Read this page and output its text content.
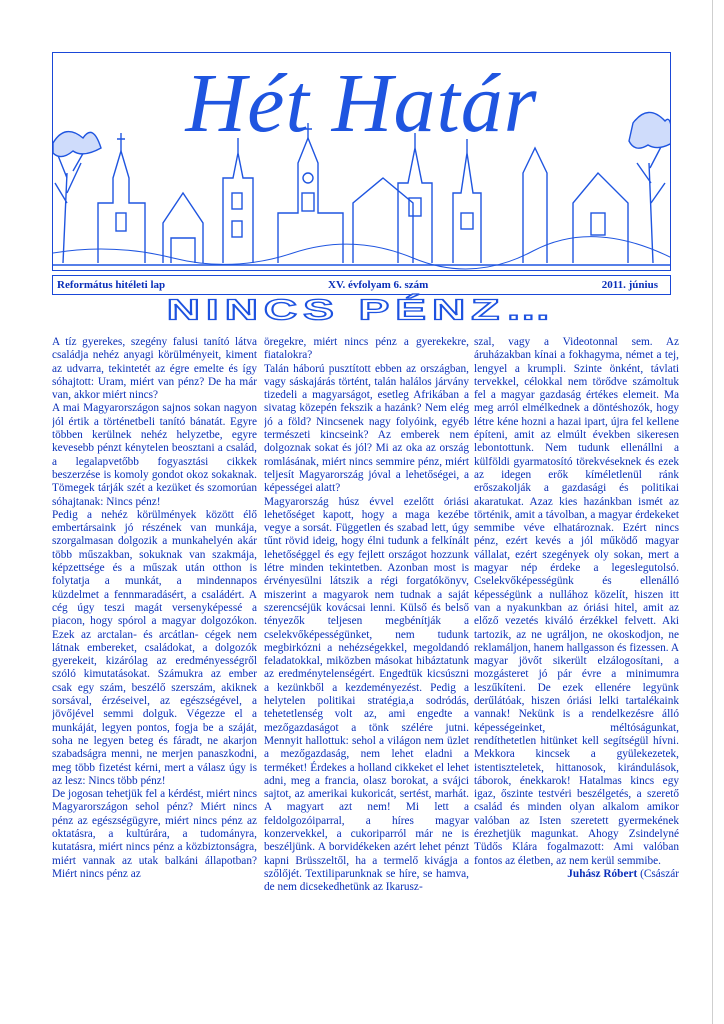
Hét Határ
Református hitéleti lap	XV. évfolyam 6. szám	2011. június
NINCS PÉNZ…

A tíz gyerekes, szegény falusi tanító látva családja nehéz anyagi körülményeit, kiment az udvarra, tekintetét az égre emelte és így sóhajtott: Uram, miért van pénz? De ha már van, akkor miért nincs?

A mai Magyarországon sajnos sokan nagyon jól értik a történetbeli tanító bánatát. Egyre többen kerülnek nehéz helyzetbe, egyre kevesebb pénzt kénytelen beosztani a család, a legalapvetőbb fogyasztási cikkek beszerzése is komoly gondot okoz sokaknak. Tömegek tárják szét a kezüket és szomorúan sóhajtanak: Nincs pénz!

Pedig a nehéz körülmények között élő embertársaink jó részének van munkája, szorgalmasan dolgozik a munkahelyén akár több műszakban, sokuknak van szakmája, képzettsége és a műszak után otthon is folytatja a munkát, a mindennapos küzdelmet a fennmaradásért, a családért. A cég úgy teszi magát versenyképessé a piacon, hogy spórol a magyar dolgozókon. Ezek az arctalan- és arcátlan- cégek nem látnak embereket, családokat, a dolgozók gyerekeit, kizárólag az eredményességről szóló kimutatásokat. Számukra az ember csak egy szám, beszélő szerszám, akiknek sorsával, érzéseivel, az egészségével, a jövőjével semmi dolguk. Végezze el a munkáját, legyen pontos, fogja be a száját, soha ne legyen beteg és fáradt, ne akarjon szabadságra menni, ne merjen panaszkodni, meg több fizetést kérni, mert a válasz úgy is az lesz: Nincs több pénz!

De jogosan tehetjük fel a kérdést, miért nincs Magyarországon sehol pénz? Miért nincs pénz az egészségügyre, miért nincs pénz az oktatásra, a kultúrára, a tudományra, kutatásra, miért nincs pénz a közbiztonságra, miért vannak az utak balkáni állapotban? Miért nincs pénz az

öregekre, miért nincs pénz a gyerekekre, fiatalokra?

Talán háború pusztított ebben az országban, vagy sáskajárás történt, talán halálos járvány tizedeli a magyarságot, esetleg Afrikában a sivatag közepén fekszik a hazánk? Nem elég jó a föld? Nincsenek nagy folyóink, egyéb természeti kincseink? Az emberek nem dolgoznak sokat és jól? Mi az oka az ország romlásának, miért nincs semmire pénz, miért teljesít Magyarország jóval a lehetőségei, a képességei alatt?

Magyarország húsz évvel ezelőtt óriási lehetőséget kapott, hogy a maga kezébe vegye a sorsát. Független és szabad lett, úgy tűnt rövid ideig, hogy élni tudunk a felkínált lehetőséggel és egy fejlett országot hozzunk létre minden tekintetben. Azonban most is érvényesülni látszik a régi forgatókönyv, miszerint a magyarok nem tudnak a saját szerencséjük kovácsai lenni. Külső és belső tényezők teljesen megbénítják a cselekvőképességünket, nem tudunk megbirkózni a nehézségekkel, megoldandó feladatokkal, miközben másokat hibáztatunk az eredménytelenségért. Engedtük kicsúszni a kezünkből a kezdeményezést. Pedig a helytelen politikai stratégia,a sodródás, tehetetlenség volt az, ami engedte a mezőgazdaságot a tönk szélére jutni. Mennyit hallottuk: sehol a világon nem üzlet a mezőgazdaság, nem lehet eladni a terméket! Érdekes a holland cikkeket el lehet adni, meg a francia, olasz borokat, a svájci sajtot, az amerikai kukoricát, sertést, marhát. A magyart azt nem! Mi lett a feldolgozóiparral, a híres magyar konzervekkel, a cukoriparról már ne is beszéljünk. A borvidékeken azért lehet pénzt kapni Brüsszeltől, ha a termelő kivágja a szőlőjét. Textiliparunknak se híre, se hamva, de nem dicsekedhetünk az Ikarusz-

szal, vagy a Videotonnal sem. Az áruházakban kínai a fokhagyma, német a tej, lengyel a krumpli. Szinte önként, távlati tervekkel, célokkal nem törődve számoltuk fel a magyar gazdaság értékes elemeit. Ma meg arról elmélkednek a döntéshozók, hogy létre kéne hozni a hazai ipart, újra fel kellene építeni, amit az elmúlt években sikeresen lebontottunk. Nem tudunk ellenállni a külföldi gyarmatosító törekvéseknek és ezek az idegen erők kíméletlenül ránk erőszakolják a gazdasági és politikai akaratukat. Azaz kies hazánkban ismét az történik, amit a távolban, a magyar érdekeket semmibe véve elhatároznak. Ezért nincs pénz, ezért kevés a jól működő magyar vállalat, ezért szegények oly sokan, mert a magyar nép érdeke a legeslegutolsó. Cselekvőképességünk és ellenálló képességünk a nullához közelít, hiszen itt van a nyakunkban az óriási hitel, amit az előző vezetés kiváló érzékkel felvett. Aki tartozik, az ne ugráljon, ne okoskodjon, ne reklamáljon, hanem hallgasson és fizessen. A magyar jövőt sikerült elzálogosítani, a mozgásteret jó pár évre a minimumra leszűkíteni. De ezek ellenére legyünk derűlátóak, hiszen óriási lelki tartalékaink vannak! Nekünk is a rendelkezésre álló képességeinket, méltóságunkat, rendíthetetlen hitünket kell segítségül hívni. Mekkora kincsek a gyülekezetek, istentiszteletek, hittanosok, kirándulások, táborok, énekkarok! Hatalmas kincs egy igaz, őszinte testvéri beszélgetés, a szerető család és minden olyan alkalom amikor valóban az Isten szeretett gyermekének érezhetjük magunkat. Ahogy Zsindelyné Tüdős Klára fogalmazott: Ami valóban fontos az életben, az nem kerül semmibe.

Juhász Róbert (Császár
